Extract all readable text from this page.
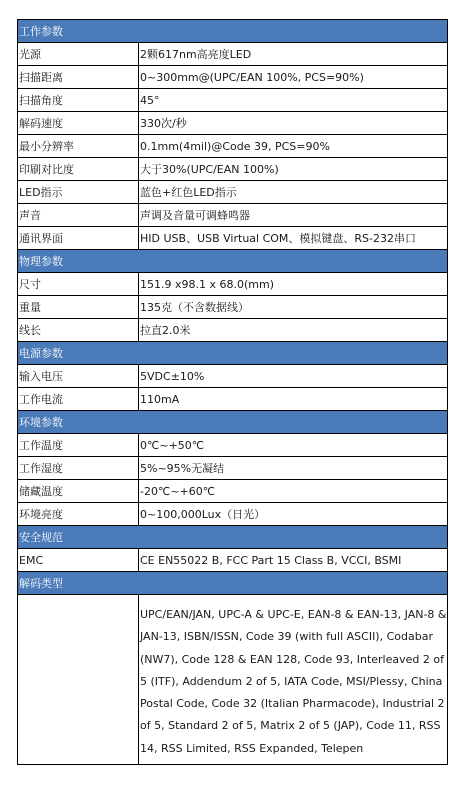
工作参数	
光源	2颗617nm高亮度LED
扫描距离	0~300mm@(UPC/EAN 100%, PCS=90%)
扫描角度	45°
解码速度	330次/秒
最小分辨率	0.1mm(4mil)@Code 39, PCS=90%
印刷对比度	大于30%(UPC/EAN 100%)
LED指示	蓝色+红色LED指示
声音	声调及音量可调蜂鸣器
通讯界面	HID USB、USB Virtual COM、模拟键盘、RS-232串口
物理参数	
尺寸	151.9 x98.1 x 68.0(mm)
重量	135克（不含数据线）
线长	拉直2.0米
电源参数	
输入电压	5VDC±10%
工作电流	110mA
环境参数	
工作温度	0℃~+50℃
工作湿度	5%~95%无凝结
储藏温度	-20℃~+60℃
环境亮度	0~100,000Lux（日光）
安全规范	
EMC	CE EN55022 B, FCC Part 15 Class B, VCCI, BSMI
解码类型	
	UPC/EAN/JAN, UPC-A & UPC-E, EAN-8 & EAN-13, JAN-8 & JAN-13, ISBN/ISSN, Code 39 (with full ASCII), Codabar (NW7), Code 128 & EAN 128, Code 93, Interleaved 2 of 5 (ITF), Addendum 2 of 5, IATA Code, MSI/Plessy, China Postal Code, Code 32 (Italian Pharmacode), Industrial 2 of 5, Standard 2 of 5, Matrix 2 of 5 (JAP), Code 11, RSS 14, RSS Limited, RSS Expanded, Telepen
